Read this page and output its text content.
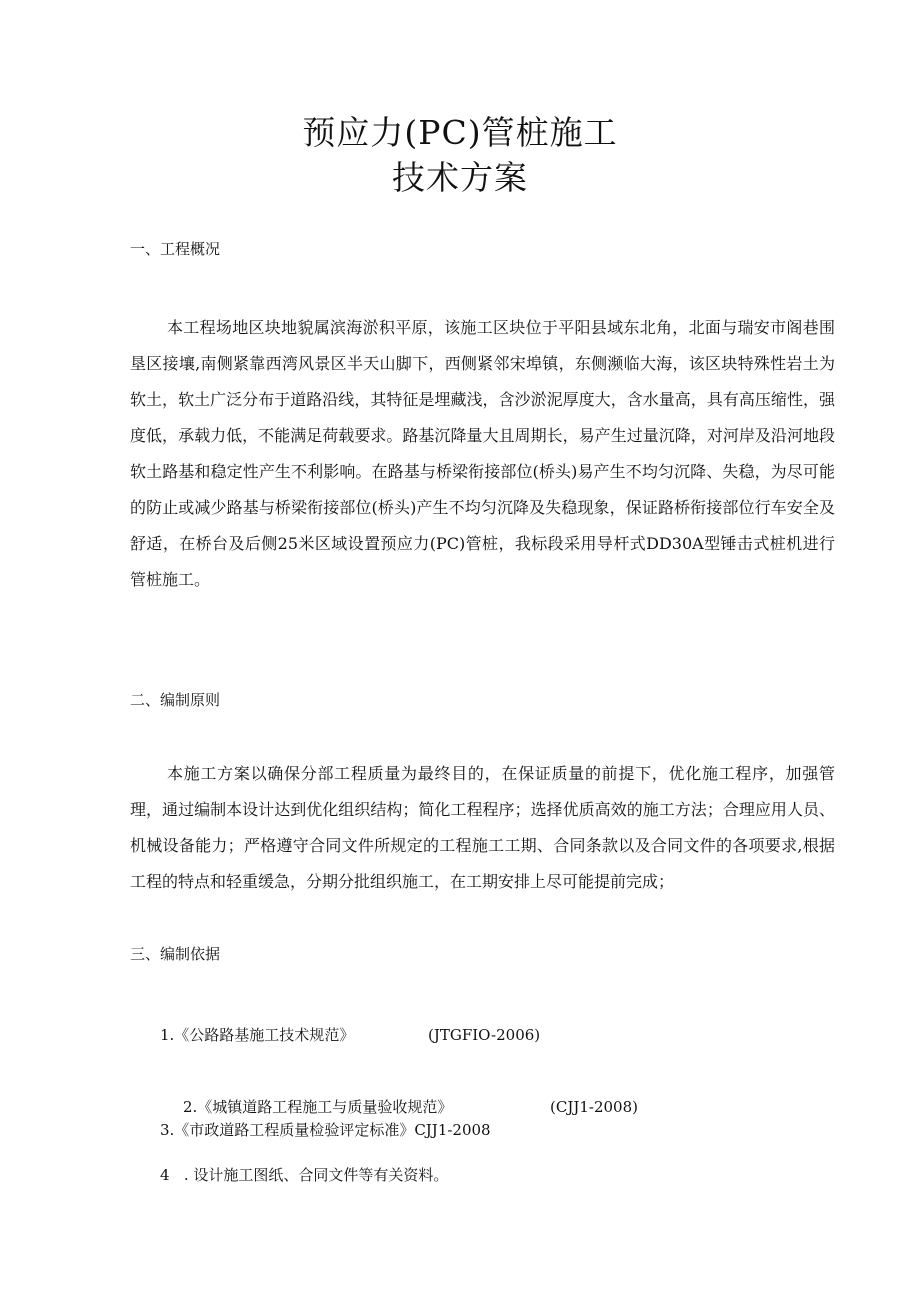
预应力(PC)管桩施工
技术方案
一、工程概况

本工程场地区块地貌属滨海淤积平原，该施工区块位于平阳县域东北角，北面与瑞安市阁巷围垦区接壤,南侧紧靠西湾风景区半天山脚下，西侧紧邻宋埠镇，东侧濒临大海，该区块特殊性岩土为软土，软土广泛分布于道路沿线，其特征是埋藏浅，含沙淤泥厚度大，含水量高，具有高压缩性，强度低，承载力低，不能满足荷载要求。路基沉降量大且周期长，易产生过量沉降，对河岸及沿河地段软土路基和稳定性产生不利影响。在路基与桥梁衔接部位(桥头)易产生不均匀沉降、失稳，为尽可能的防止或减少路基与桥梁衔接部位(桥头)产生不均匀沉降及失稳现象，保证路桥衔接部位行车安全及舒适，在桥台及后侧25米区域设置预应力(PC)管桩，我标段采用导杆式DD30A型锤击式桩机进行管桩施工。

二、编制原则

本施工方案以确保分部工程质量为最终目的，在保证质量的前提下，优化施工程序，加强管理，通过编制本设计达到优化组织结构；简化工程程序；选择优质高效的施工方法；合理应用人员、机械设备能力；严格遵守合同文件所规定的工程施工工期、合同条款以及合同文件的各项要求,根据工程的特点和轻重缓急，分期分批组织施工，在工期安排上尽可能提前完成；

三、编制依据
1.《公路路基施工技术规范》	(JTGFIO-2006)
2.《城镇道路工程施工与质量验收规范》	(CJJ1-2008)
3.《市政道路工程质量检验评定标准》CJJ1-2008
4   . 设计施工图纸、合同文件等有关资料。
